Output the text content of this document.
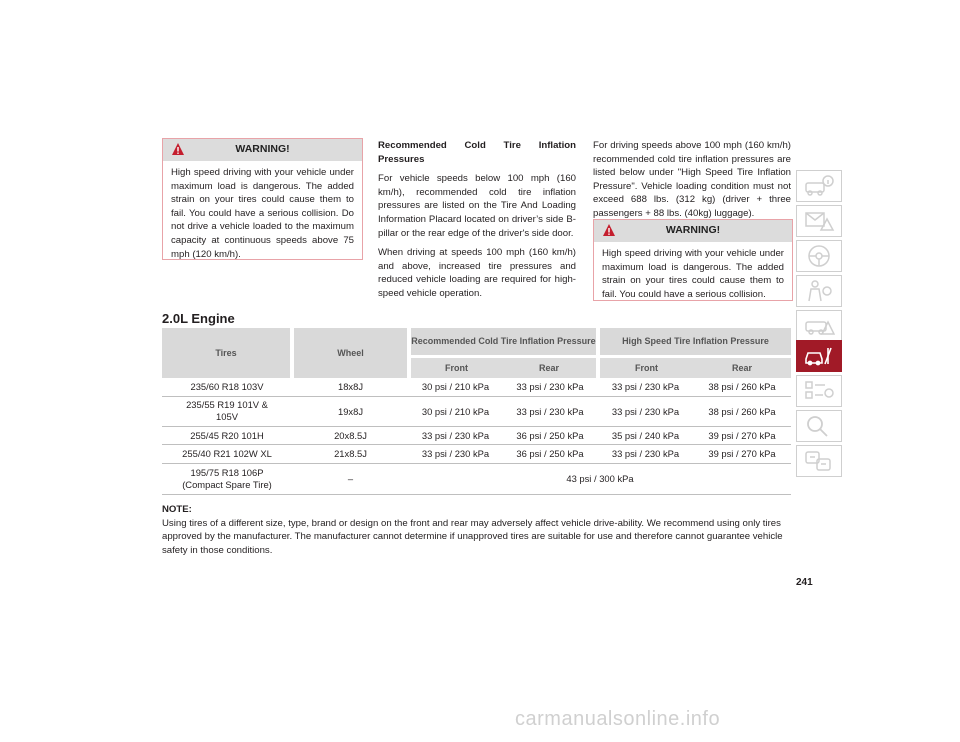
WARNING!
High speed driving with your vehicle under maximum load is dangerous. The added strain on your tires could cause them to fail. You could have a serious collision. Do not drive a vehicle loaded to the maximum capacity at continuous speeds above 75 mph (120 km/h).
Recommended Cold Tire Inflation Pressures

For vehicle speeds below 100 mph (160 km/h), recommended cold tire inflation pressures are listed on the Tire And Loading Information Placard located on driver’s side B-pillar or the rear edge of the driver's side door.

When driving at speeds 100 mph (160 km/h) and above, increased tire pressures and reduced vehicle loading are required for high-speed vehicle operation.

For driving speeds above 100 mph (160 km/h) recommended cold tire inflation pressures are listed below under "High Speed Tire Inflation Pressure". Vehicle loading condition must not exceed 688 lbs. (312 kg) (driver + three passengers + 88 lbs. (40kg) luggage).

WARNING!
High speed driving with your vehicle under maximum load is dangerous. The added strain on your tires could cause them to fail. You could have a serious collision.
2.0L Engine
Tires	Wheel	Recommended Cold Tire Inflation Pressure		High Speed Tire Inflation Pressure	
		Front	Rear	Front	Rear
235/60 R18 103V	18x8J	30 psi / 210 kPa	33 psi / 230 kPa	33 psi / 230 kPa	38 psi / 260 kPa

235/55 R19 101V & 105V	19x8J	30 psi / 210 kPa	33 psi / 230 kPa	33 psi / 230 kPa	38 psi / 260 kPa
255/45 R20 101H	20x8.5J	33 psi / 230 kPa	36 psi / 250 kPa	35 psi / 240 kPa	39 psi / 270 kPa
255/40 R21 102W XL	21x8.5J	33 psi / 230 kPa	36 psi / 250 kPa	33 psi / 230 kPa	39 psi / 270 kPa

195/75 R18 106P
(Compact Spare Tire)	–	43 psi / 300 kPa			
NOTE:
Using tires of a different size, type, brand or design on the front and rear may adversely affect vehicle drive-ability. We recommend using only tires approved by the manufacturer. The manufacturer cannot determine if unapproved tires are suitable for use and therefore cannot guarantee vehicle safety in those conditions.
241
carmanualsonline.info
